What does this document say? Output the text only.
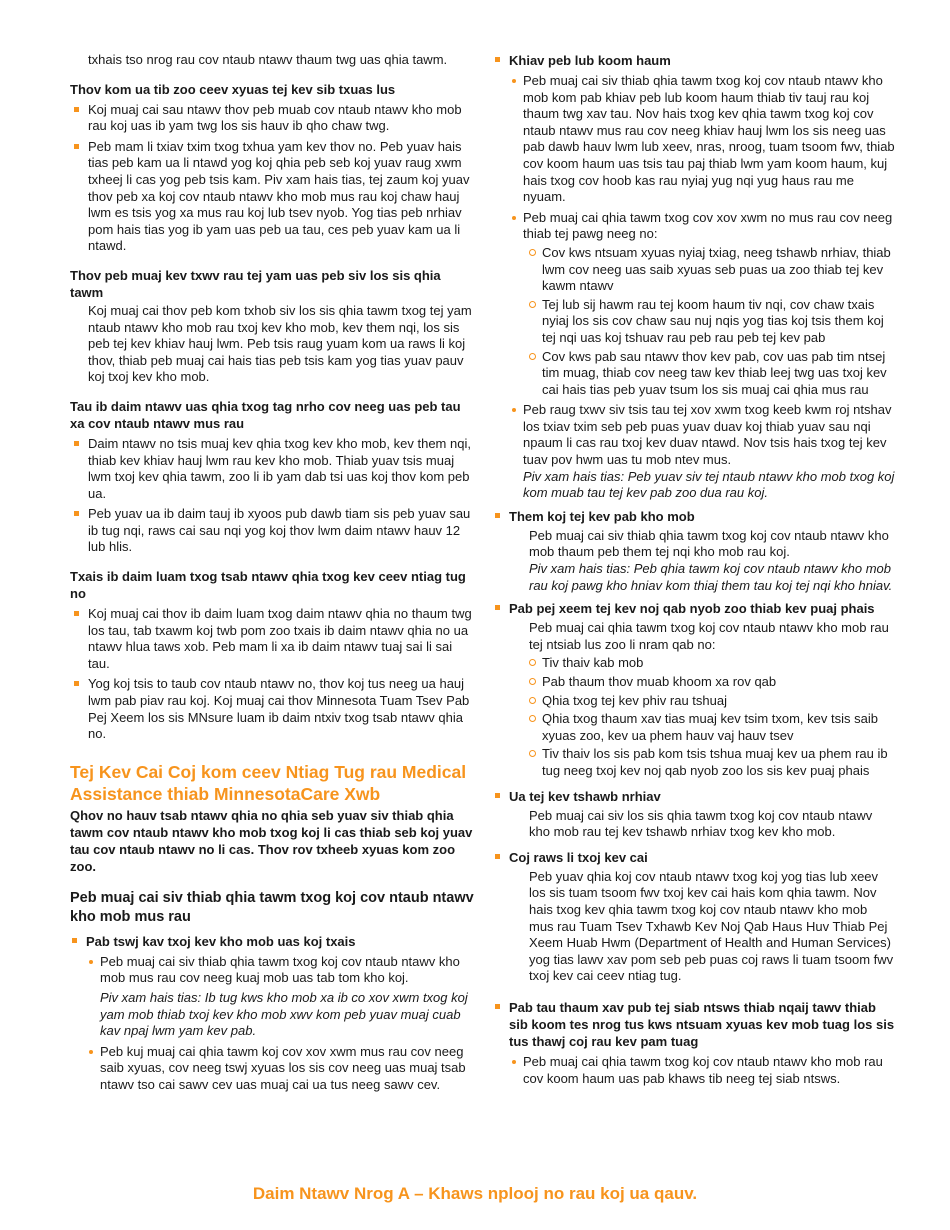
txhais tso nrog rau cov ntaub ntawv thaum twg uas qhia tawm.

Thov kom ua tib zoo ceev xyuas tej kev sib txuas lus

Koj muaj cai sau ntawv thov peb muab cov ntaub ntawv kho mob rau koj uas ib yam twg los sis hauv ib qho chaw twg.
Peb mam li txiav txim txog txhua yam kev thov no. Peb yuav hais tias peb kam ua li ntawd yog koj qhia peb seb koj yuav raug xwm txheej li cas yog peb tsis kam. Piv xam hais tias, tej zaum koj yuav thov peb xa koj cov ntaub ntawv kho mob mus rau koj chaw hauj lwm es tsis yog xa mus rau koj lub tsev nyob. Yog tias peb nrhiav pom hais tias yog ib yam uas peb ua tau, ces peb yuav kam ua li ntawd.

Thov peb muaj kev txwv rau tej yam uas peb siv los sis qhia tawm

Koj muaj cai thov peb kom txhob siv los sis qhia tawm txog tej yam ntaub ntawv kho mob rau txoj kev kho mob, kev them nqi, los sis peb tej kev khiav hauj lwm. Peb tsis raug yuam kom ua raws li koj thov, thiab peb muaj cai hais tias peb tsis kam yog tias yuav pauv koj txoj kev kho mob.

Tau ib daim ntawv uas qhia txog tag nrho cov neeg uas peb tau xa cov ntaub ntawv mus rau

Daim ntawv no tsis muaj kev qhia txog kev kho mob, kev them nqi, thiab kev khiav hauj lwm rau kev kho mob. Thiab yuav tsis muaj lwm txoj kev qhia tawm, zoo li ib yam dab tsi uas koj thov kom peb ua.
Peb yuav ua ib daim tauj ib xyoos pub dawb tiam sis peb yuav sau ib tug nqi, raws cai sau nqi yog koj thov lwm daim ntawv hauv 12 lub hlis.

Txais ib daim luam txog tsab ntawv qhia txog kev ceev ntiag tug no

Koj muaj cai thov ib daim luam txog daim ntawv qhia no thaum twg los tau, tab txawm koj twb pom zoo txais ib daim ntawv qhia no ua ntawv hlua taws xob. Peb mam li xa ib daim ntawv tuaj sai li sai tau.
Yog koj tsis to taub cov ntaub ntawv no, thov koj tus neeg ua hauj lwm pab piav rau koj. Koj muaj cai thov Minnesota Tuam Tsev Pab Pej Xeem los sis MNsure luam ib daim ntxiv txog tsab ntawv qhia no.

Tej Kev Cai Coj kom ceev Ntiag Tug rau Medical Assistance thiab MinnesotaCare Xwb

Qhov no hauv tsab ntawv qhia no qhia seb yuav siv thiab qhia tawm cov ntaub ntawv kho mob txog koj li cas thiab seb koj yuav tau cov ntaub ntawv no li cas. Thov rov txheeb xyuas kom zoo zoo.

Peb muaj cai siv thiab qhia tawm txog koj cov ntaub ntawv kho mob mus rau

Pab tswj kav txoj kev kho mob uas koj txais
Peb muaj cai siv thiab qhia tawm txog koj cov ntaub ntawv kho mob mus rau cov neeg kuaj mob uas tab tom kho koj.

Piv xam hais tias: Ib tug kws kho mob xa ib co xov xwm txog koj yam mob thiab txoj kev kho mob xwv kom peb yuav muaj cuab kav npaj lwm yam kev pab.

Peb kuj muaj cai qhia tawm koj cov xov xwm mus rau cov neeg saib xyuas, cov neeg tswj xyuas los sis cov neeg uas muaj tsab ntawv tso cai sawv cev uas muaj cai ua tus neeg sawv cev.
Khiav peb lub koom haum
Peb muaj cai siv thiab qhia tawm txog koj cov ntaub ntawv kho mob kom pab khiav peb lub koom haum thiab tiv tauj rau koj thaum twg xav tau. Nov hais txog kev qhia tawm txog koj cov ntaub ntawv mus rau cov neeg khiav hauj lwm los sis neeg uas pab dawb hauv lwm lub xeev, nras, nroog, tuam tsoom fwv, thiab cov koom haum uas tsis tau paj thiab lwm yam koom haum, kuj hais txog cov hoob kas rau nyiaj yug nqi yug haus rau me nyuam.
Peb muaj cai qhia tawm txog cov xov xwm no mus rau cov neeg thiab tej pawg neeg no:
Cov kws ntsuam xyuas nyiaj txiag, neeg tshawb nrhiav, thiab lwm cov neeg uas saib xyuas seb puas ua zoo thiab tej kev kawm ntawv
Tej lub sij hawm rau tej koom haum tiv nqi, cov chaw txais nyiaj los sis cov chaw sau nuj nqis yog tias koj tsis them koj tej nqi uas koj tshuav rau peb rau peb tej kev pab
Cov kws pab sau ntawv thov kev pab, cov uas pab tim ntsej tim muag, thiab cov neeg taw kev thiab leej twg uas txoj kev cai hais tias peb yuav tsum los sis muaj cai qhia mus rau
Peb raug txwv siv tsis tau tej xov xwm txog keeb kwm roj ntshav los txiav txim seb peb puas yuav duav koj thiab yuav sau nqi npaum li cas rau txoj kev duav ntawd. Nov tsis hais txog tej kev tuav pov hwm uas tu mob ntev mus.

Piv xam hais tias: Peb yuav siv tej ntaub ntawv kho mob txog koj kom muab tau tej kev pab zoo dua rau koj.

Them koj tej kev pab kho mob

Peb muaj cai siv thiab qhia tawm txog koj cov ntaub ntawv kho mob thaum peb them tej nqi kho mob rau koj.

Piv xam hais tias: Peb qhia tawm koj cov ntaub ntawv kho mob rau koj pawg kho hniav kom thiaj them tau koj tej nqi kho hniav.

Pab pej xeem tej kev noj qab nyob zoo thiab kev puaj phais

Peb muaj cai qhia tawm txog koj cov ntaub ntawv kho mob rau tej ntsiab lus zoo li nram qab no:

Tiv thaiv kab mob
Pab thaum thov muab khoom xa rov qab
Qhia txog tej kev phiv rau tshuaj
Qhia txog thaum xav tias muaj kev tsim txom, kev tsis saib xyuas zoo, kev ua phem hauv vaj hauv tsev
Tiv thaiv los sis pab kom tsis tshua muaj kev ua phem rau ib tug neeg txoj kev noj qab nyob zoo los sis kev puaj phais
Ua tej kev tshawb nrhiav

Peb muaj cai siv los sis qhia tawm txog koj cov ntaub ntawv kho mob rau tej kev tshawb nrhiav txog kev kho mob.

Coj raws li txoj kev cai

Peb yuav qhia koj cov ntaub ntawv txog koj yog tias lub xeev los sis tuam tsoom fwv txoj kev cai hais kom qhia tawm. Nov hais txog kev qhia tawm txog koj cov ntaub ntawv kho mob mus rau Tuam Tsev Txhawb Kev Noj Qab Haus Huv Thiab Pej Xeem Huab Hwm (Department of Health and Human Services) yog tias lawv xav pom seb peb puas coj raws li tuam tsoom fwv txoj kev cai ceev ntiag tug.

Pab tau thaum xav pub tej siab ntsws thiab nqaij tawv thiab sib koom tes nrog tus kws ntsuam xyuas kev mob tuag los sis tus thawj coj rau kev pam tuag
Peb muaj cai qhia tawm txog koj cov ntaub ntawv kho mob rau cov koom haum uas pab khaws tib neeg tej siab ntsws.
Daim Ntawv Nrog A – Khaws nplooj no rau koj ua qauv.
